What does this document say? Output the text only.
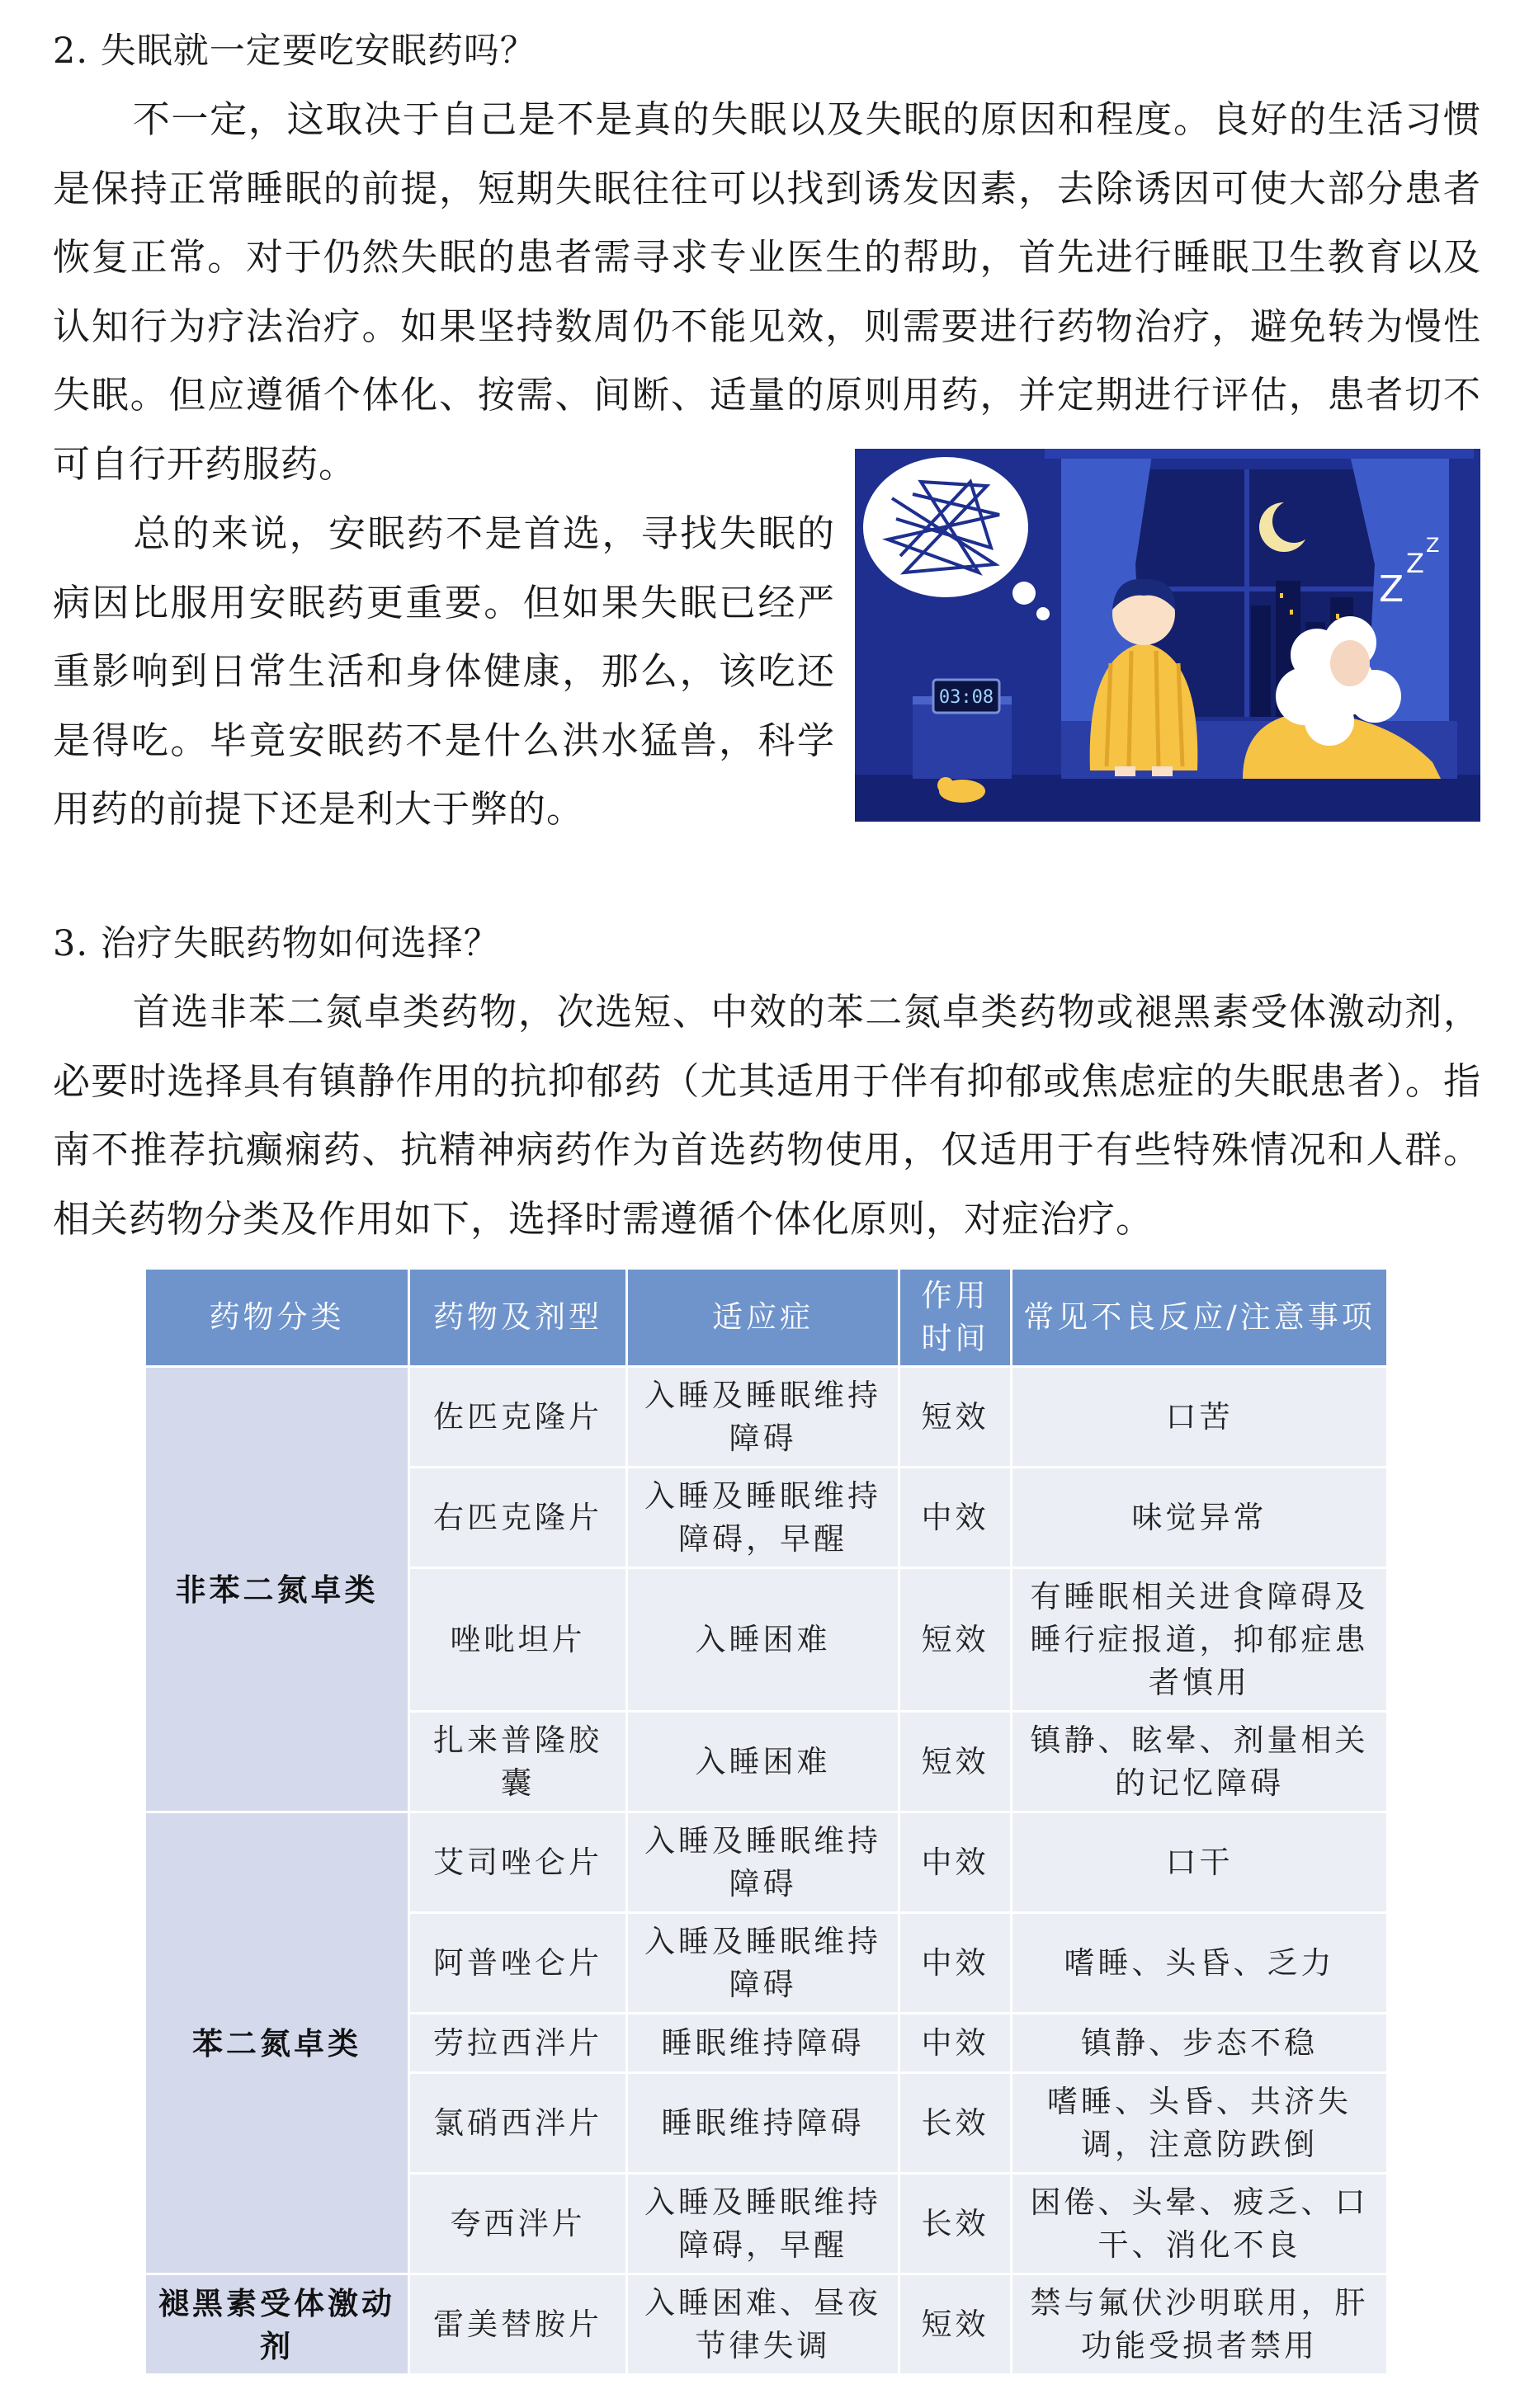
2. 失眠就一定要吃安眠药吗？

不一定，这取决于自己是不是真的失眠以及失眠的原因和程度。良好的生活习惯是保持正常睡眠的前提，短期失眠往往可以找到诱发因素，去除诱因可使大部分患者恢复正常。对于仍然失眠的患者需寻求专业医生的帮助，首先进行睡眠卫生教育以及认知行为疗法治疗。如果坚持数周仍不能见效，则需要进行药物治疗，避免转为慢性失眠。但应遵循个体化、按需、间断、适量的原则用药，并定期进行评估，患者切不可自行开药服药。

总的来说，安眠药不是首选，寻找失眠的病因比服用安眠药更重要。但如果失眠已经严重影响到日常生活和身体健康，那么，该吃还是得吃。毕竟安眠药不是什么洪水猛兽，科学用药的前提下还是利大于弊的。

03:08
Z
Z
Z
3. 治疗失眠药物如何选择？

首选非苯二氮卓类药物，次选短、中效的苯二氮卓类药物或褪黑素受体激动剂，必要时选择具有镇静作用的抗抑郁药（尤其适用于伴有抑郁或焦虑症的失眠患者）。指南不推荐抗癫痫药、抗精神病药作为首选药物使用，仅适用于有些特殊情况和人群。相关药物分类及作用如下，选择时需遵循个体化原则，对症治疗。

药物分类	药物及剂型	适应症	作用时间	常见不良反应/注意事项
非苯二氮卓类	佐匹克隆片	入睡及睡眠维持障碍	短效	口苦
	右匹克隆片	入睡及睡眠维持障碍，早醒	中效	味觉异常
	唑吡坦片	入睡困难	短效	有睡眠相关进食障碍及睡行症报道，抑郁症患者慎用
	扎来普隆胶囊	入睡困难	短效	镇静、眩晕、剂量相关的记忆障碍
苯二氮卓类	艾司唑仑片	入睡及睡眠维持障碍	中效	口干
	阿普唑仑片	入睡及睡眠维持障碍	中效	嗜睡、头昏、乏力
	劳拉西泮片	睡眠维持障碍	中效	镇静、步态不稳
	氯硝西泮片	睡眠维持障碍	长效	嗜睡、头昏、共济失调，注意防跌倒
	夸西泮片	入睡及睡眠维持障碍，早醒	长效	困倦、头晕、疲乏、口干、消化不良
褪黑素受体激动剂	雷美替胺片	入睡困难、昼夜节律失调	短效	禁与氟伏沙明联用，肝功能受损者禁用
